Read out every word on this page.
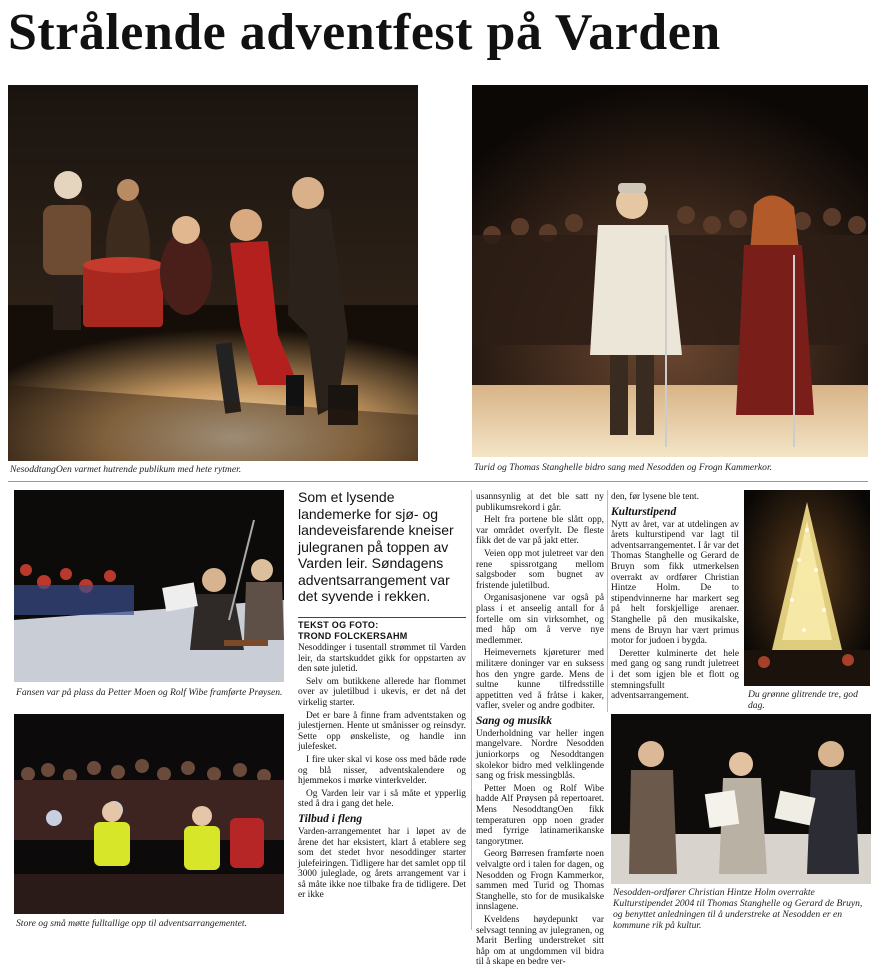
Strålende adventfest på Varden
NesoddtangOen varmet hutrende publikum med hete rytmer.	Turid og Thomas Stanghelle bidro sang med Nesodden og Frogn Kammerkor.
Fansen var på plass da Petter Moen og Rolf Wibe framførte Prøysen.
Store og små møtte fulltallige opp til adventsarrangementet.
Som et lysende landemerke for sjø- og landeveisfarende kneiser julegranen på toppen av Varden leir. Søndagens adventsarrangement var det syvende i rekken.
TEKST OG FOTO:
TROND FOLCKERSAHM

Nesoddinger i tusentall strømmet til Varden leir, da startskuddet gikk for oppstarten av den søte juletid.

Selv om butikkene allerede har flommet over av juletilbud i ukevis, er det nå det virkelig starter.

Det er bare å finne fram adventstaken og julestjernen. Hente ut smånisser og reinsdyr. Sette opp ønskeliste, og handle inn julefesket.

I fire uker skal vi kose oss med både røde og blå nisser, adventskalendere og hjemmekos i mørke vinterkvelder.

Og Varden leir var i så måte et ypperlig sted å dra i gang det hele.

Tilbud i fleng

Varden-arrangementet har i løpet av de årene det har eksistert, klart å etablere seg som det stedet hvor nesoddinger starter julefeiringen. Tidligere har det samlet opp til 3000 juleglade, og årets arrangement var i så måte ikke noe tilbake fra de tidligere. Det er ikke

usannsynlig at det ble satt ny publikumsrekord i går.

Helt fra portene ble slått opp, var området overfylt. De fleste fikk det de var på jakt etter.

Veien opp mot juletreet var den rene spissrotgang mellom salgsboder som bugnet av fristende juletilbud.

Organisasjonene var også på plass i et anseelig antall for å fortelle om sin virksomhet, og med håp om å verve nye medlemmer.

Heimevernets kjøreturer med militære doninger var en suksess hos den yngre garde. Mens de sultne kunne tilfredsstille appetitten ved å fråtse i kaker, vafler, sveler og andre godbiter.

Sang og musikk

Underholdning var heller ingen mangelvare. Nordre Nesodden juniorkorps og Nesoddtangen skolekor bidro med velklingende sang og frisk messingblås.

Petter Moen og Rolf Wibe hadde Alf Prøysen på repertoaret. Mens NesoddtangOen fikk temperaturen opp noen grader med fyrrige latinamerikanske tangorytmer.

Georg Børresen framførte noen velvalgte ord i talen for dagen, og Nesodden og Frogn Kammerkor, sammen med Turid og Thomas Stanghelle, sto for de musikalske innslagene.

Kveldens høydepunkt var selvsagt tenning av julegranen, og Marit Berling understreket sitt håp om at ungdommen vil bidra til å skape en bedre ver-

den, før lysene ble tent.

Kulturstipend

Nytt av året, var at utdelingen av årets kulturstipend var lagt til adventsarrangementet. I år var det Thomas Stanghelle og Gerard de Bruyn som fikk utmerkelsen overrakt av ordfører Christian Hintze Holm. De to stipendvinnerne har markert seg på helt forskjellige arenaer. Stanghelle på den musikalske, mens de Bruyn har vært primus motor for judoen i bygda.

Deretter kulminerte det hele med gang og sang rundt juletreet i det som igjen ble et flott og stemningsfullt adventsarrangement.	Du grønne glitrende tre, god dag.
Nesodden-ordfører Christian Hintze Holm overrakte Kulturstipendet 2004 til Thomas Stanghelle og Gerard de Bruyn, og benyttet anledningen til å understreke at Nesodden er en kommune rik på kultur.
